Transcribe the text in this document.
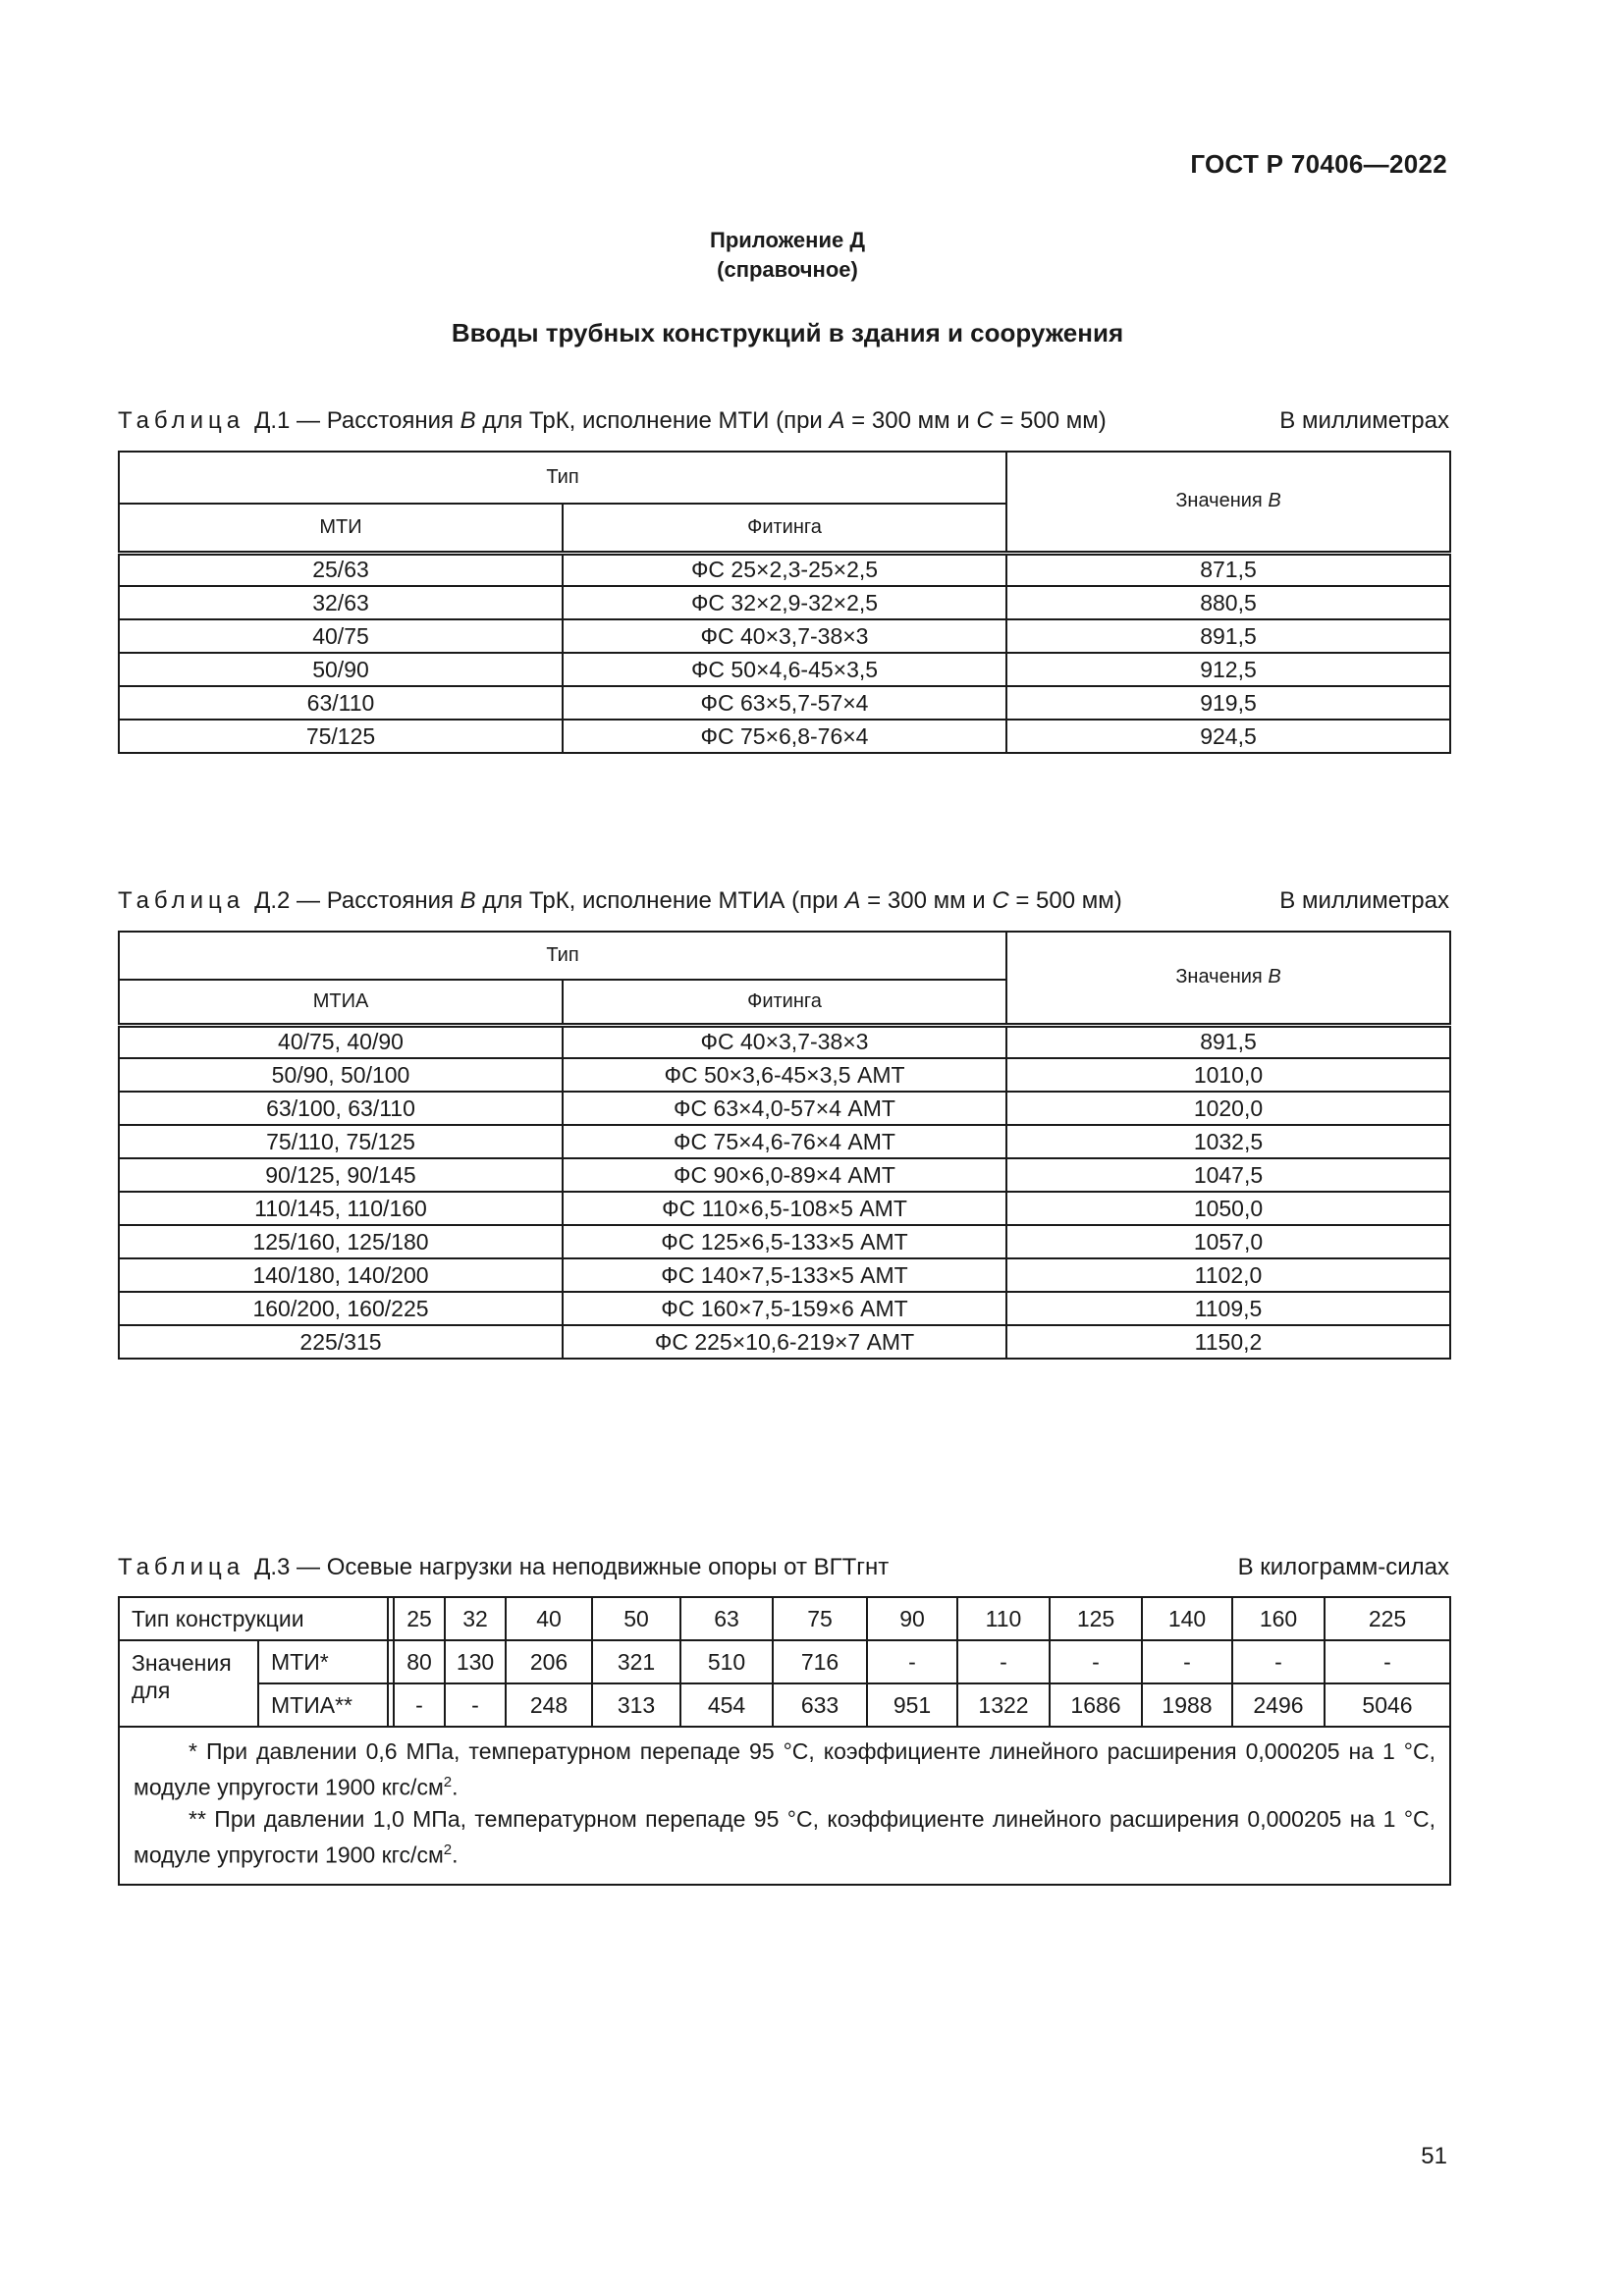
ГОСТ Р 70406—2022
Приложение Д
(справочное)
Вводы трубных конструкций в здания и сооружения
Таблица Д.1 — Расстояния В для ТрК, исполнение МТИ (при А = 300 мм и С = 500 мм)	В миллиметрах
Тип		Значения В
МТИ	Фитинга	
25/63	ФС 25×2,3-25×2,5	871,5
32/63	ФС 32×2,9-32×2,5	880,5
40/75	ФС 40×3,7-38×3	891,5
50/90	ФС 50×4,6-45×3,5	912,5
63/110	ФС 63×5,7-57×4	919,5
75/125	ФС 75×6,8-76×4	924,5
Таблица Д.2 — Расстояния В для ТрК, исполнение МТИА (при А = 300 мм и С = 500 мм)	В миллиметрах
Тип		Значения В
МТИА	Фитинга	
40/75, 40/90	ФС 40×3,7-38×3	891,5
50/90, 50/100	ФС 50×3,6-45×3,5 АМТ	1010,0
63/100, 63/110	ФС 63×4,0-57×4 АМТ	1020,0
75/110, 75/125	ФС 75×4,6-76×4 АМТ	1032,5
90/125, 90/145	ФС 90×6,0-89×4 АМТ	1047,5
110/145, 110/160	ФС 110×6,5-108×5 АМТ	1050,0
125/160, 125/180	ФС 125×6,5-133×5 АМТ	1057,0
140/180, 140/200	ФС 140×7,5-133×5 АМТ	1102,0
160/200, 160/225	ФС 160×7,5-159×6 АМТ	1109,5
225/315	ФС 225×10,6-219×7 АМТ	1150,2
Таблица Д.3 — Осевые нагрузки на неподвижные опоры от ВГТгнт	В килограмм-силах
Тип конструкции			25	32	40	50	63	75	90	110	125	140	160	225
Значения для	МТИ*		80	130	206	321	510	716	-	-	-	-	-	-
	МТИА**		-	-	248	313	454	633	951	1322	1686	1988	2496	5046

* При давлении 0,6 МПа, температурном перепаде 95 °С, коэффициенте линейного расширения 0,000205 на 1 °С, модуле упругости 1900 кгс/$см^2$.
** При давлении 1,0 МПа, температурном перепаде 95 °С, коэффициенте линейного расширения 0,000205 на 1 °С, модуле упругости 1900 кгс/$см^2$.														
51
